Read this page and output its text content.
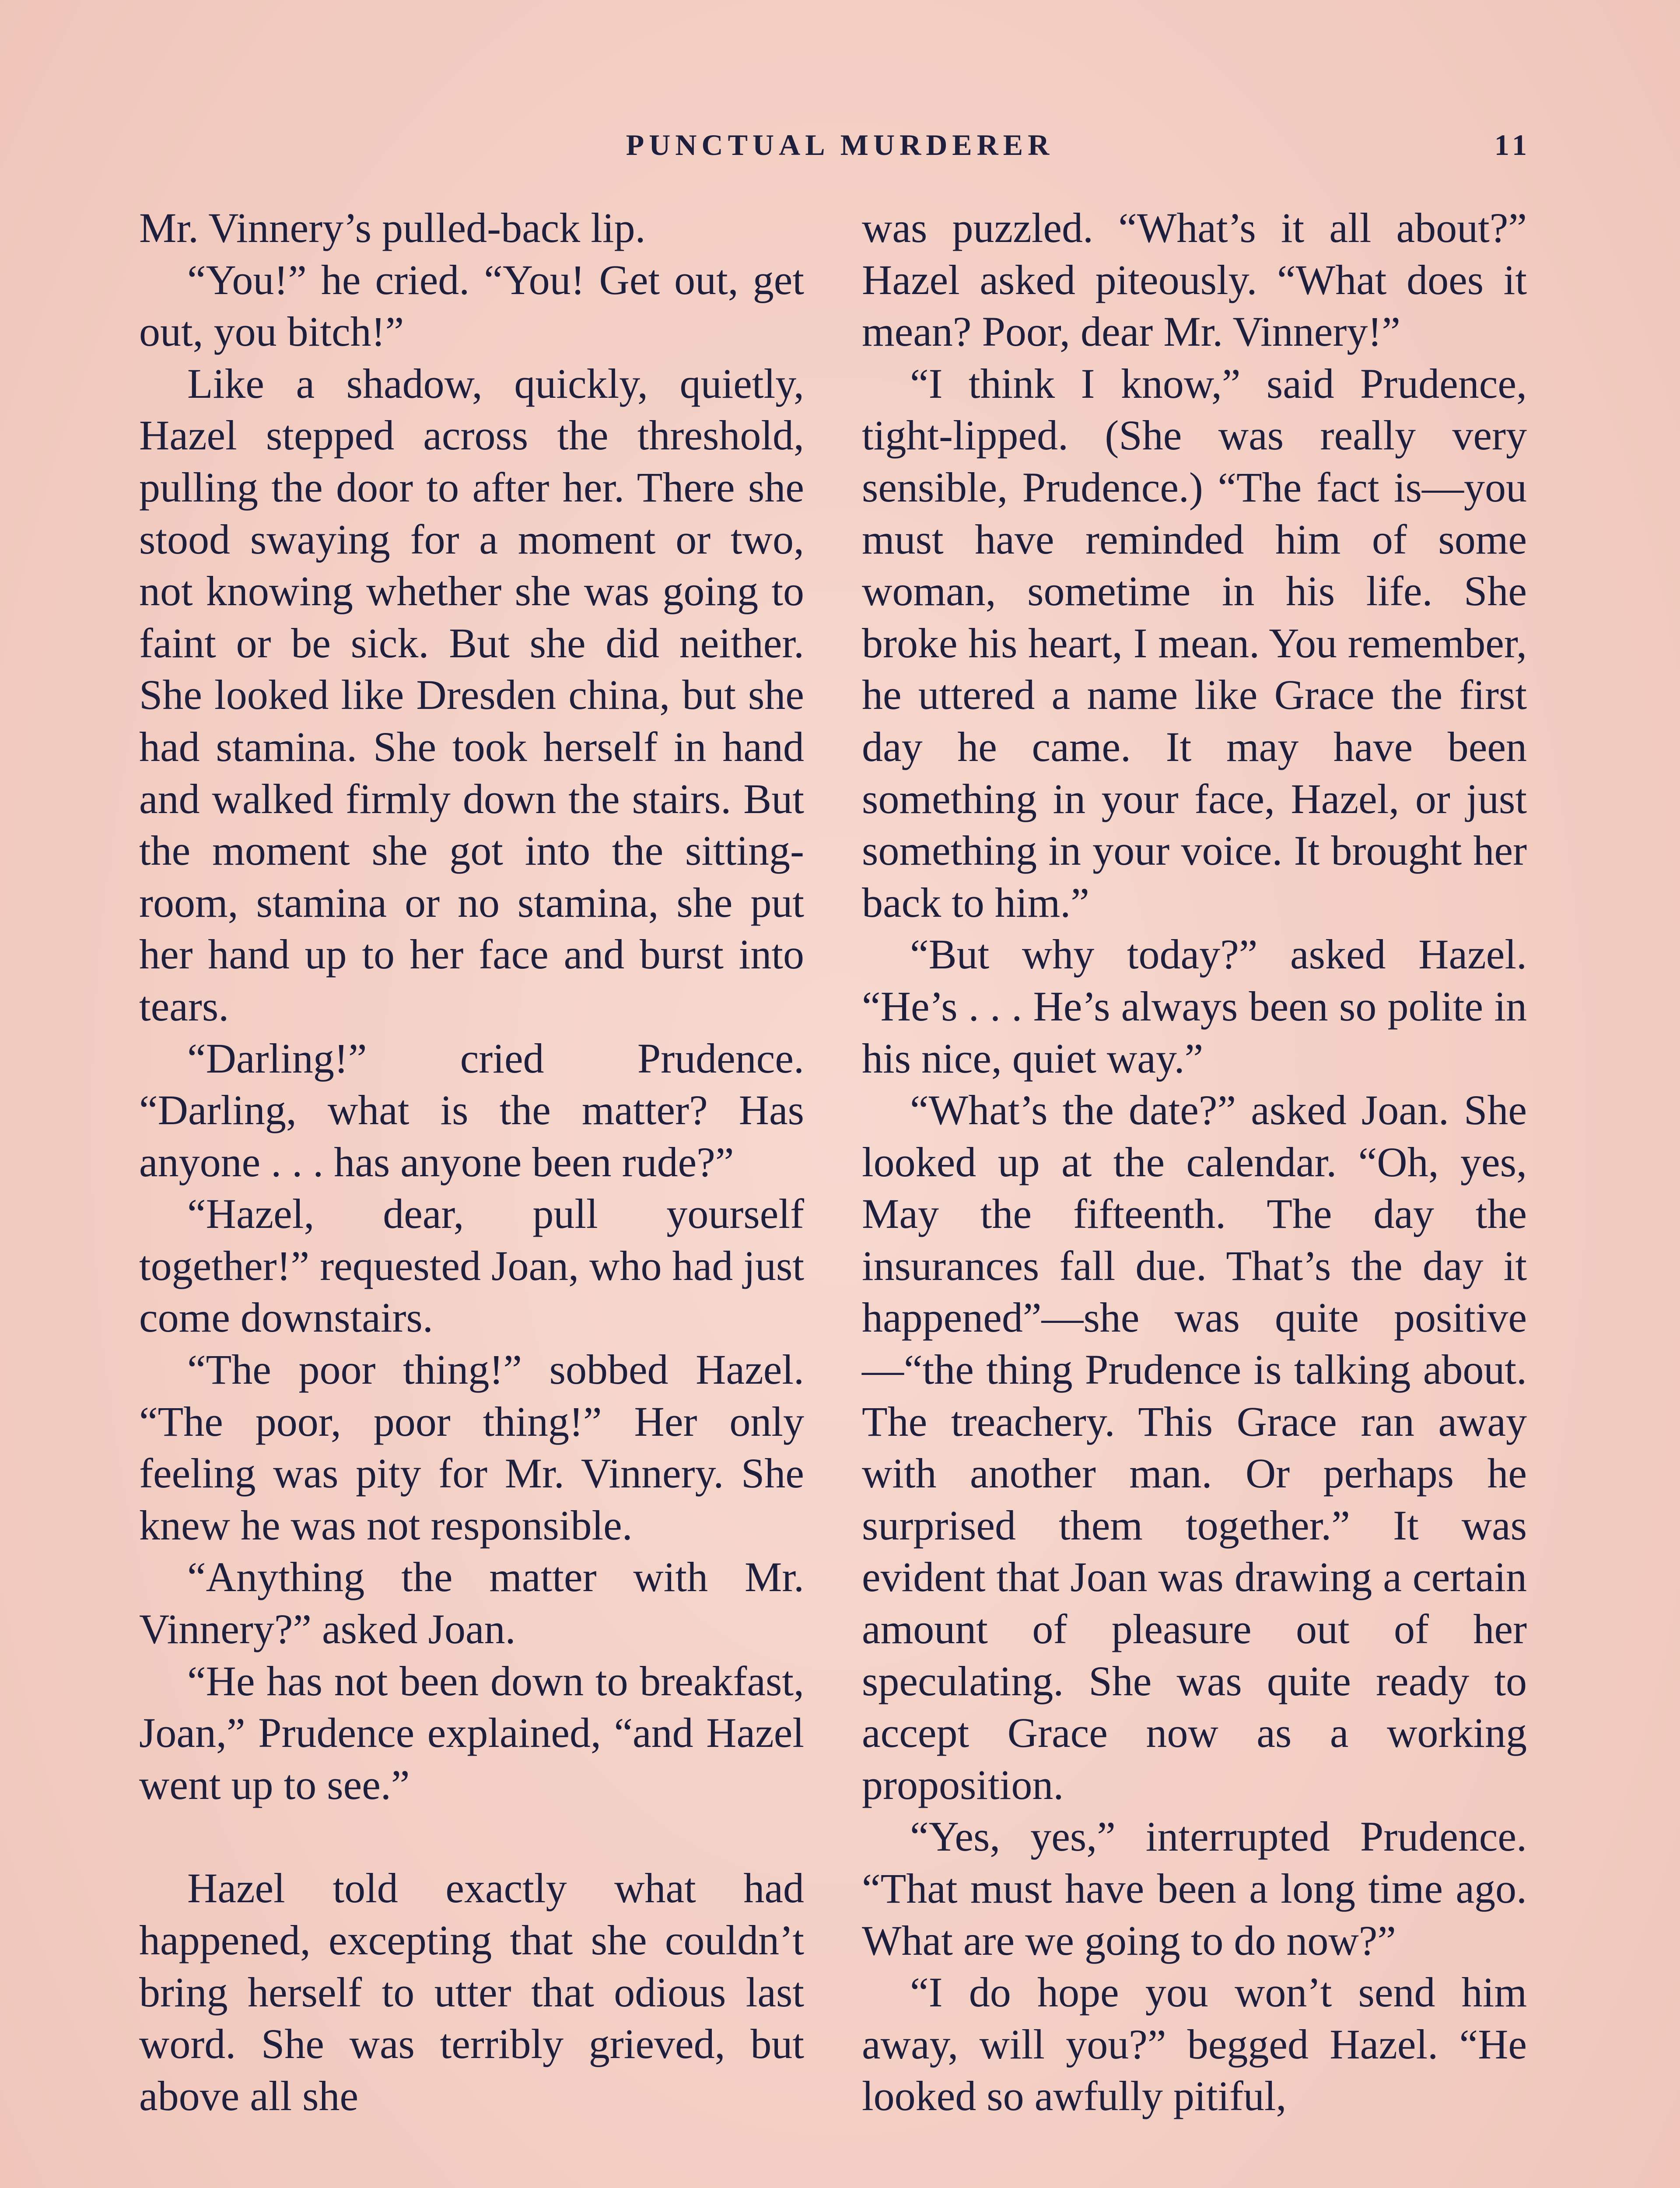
PUNCTUAL MURDERER	11

Mr. Vinnery’s pulled-back lip.

“You!” he cried. “You! Get out, get out, you bitch!”

Like a shadow, quickly, quietly, Hazel stepped across the threshold, pulling the door to after her. There she stood swaying for a moment or two, not knowing whether she was going to faint or be sick. But she did neither. She looked like Dresden china, but she had stamina. She took herself in hand and walked firmly down the stairs. But the moment she got into the sitting-room, stamina or no stamina, she put her hand up to her face and burst into tears.

“Darling!” cried Prudence. “Darling, what is the matter? Has anyone . . . has anyone been rude?”

“Hazel, dear, pull yourself together!” requested Joan, who had just come downstairs.

“The poor thing!” sobbed Hazel. “The poor, poor thing!” Her only feeling was pity for Mr. Vinnery. She knew he was not responsible.

“Anything the matter with Mr. Vinnery?” asked Joan.

“He has not been down to breakfast, Joan,” Prudence explained, “and Hazel went up to see.”

Hazel told exactly what had happened, excepting that she couldn’t bring herself to utter that odious last word. She was terribly grieved, but above all she

was puzzled. “What’s it all about?” Hazel asked piteously. “What does it mean? Poor, dear Mr. Vinnery!”

“I think I know,” said Prudence, tight-lipped. (She was really very sensible, Prudence.) “The fact is—you must have reminded him of some woman, sometime in his life. She broke his heart, I mean. You remember, he uttered a name like Grace the first day he came. It may have been something in your face, Hazel, or just something in your voice. It brought her back to him.”

“But why today?” asked Hazel. “He’s . . . He’s always been so polite in his nice, quiet way.”

“What’s the date?” asked Joan. She looked up at the calendar. “Oh, yes, May the fifteenth. The day the insurances fall due. That’s the day it happened”—she was quite positive—“the thing Prudence is talking about. The treachery. This Grace ran away with another man. Or perhaps he surprised them together.” It was evident that Joan was drawing a certain amount of pleasure out of her speculating. She was quite ready to accept Grace now as a working proposition.

“Yes, yes,” interrupted Prudence. “That must have been a long time ago. What are we going to do now?”

“I do hope you won’t send him away, will you?” begged Hazel. “He looked so awfully pitiful,
